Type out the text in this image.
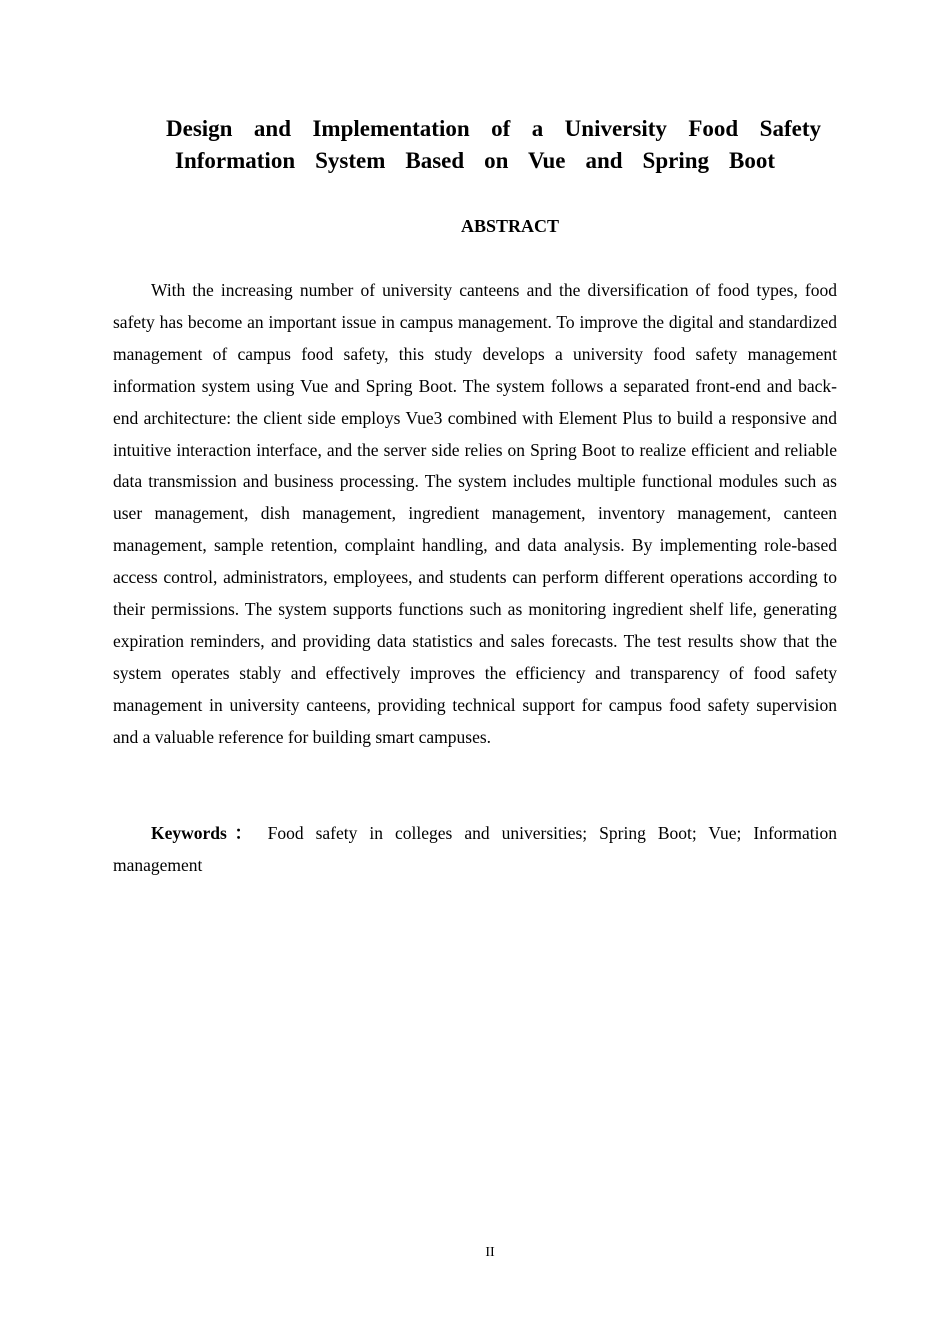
Design and Implementation of a University Food Safety
Information System Based on Vue and Spring Boot
ABSTRACT

With the increasing number of university canteens and the diversification of food types, food safety has become an important issue in campus management. To improve the digital and standardized management of campus food safety, this study develops a university food safety management information system using Vue and Spring Boot. The system follows a separated front-end and back-end architecture: the client side employs Vue3 combined with Element Plus to build a responsive and intuitive interaction interface, and the server side relies on Spring Boot to realize efficient and reliable data transmission and business processing. The system includes multiple functional modules such as user management, dish management, ingredient management, inventory management, canteen management, sample retention, complaint handling, and data analysis. By implementing role-based access control, administrators, employees, and students can perform different operations according to their permissions. The system supports functions such as monitoring ingredient shelf life, generating expiration reminders, and providing data statistics and sales forecasts. The test results show that the system operates stably and effectively improves the efficiency and transparency of food safety management in university canteens, providing technical support for campus food safety supervision and a valuable reference for building smart campuses.

Keywords： Food safety in colleges and universities; Spring Boot; Vue; Information management

II
